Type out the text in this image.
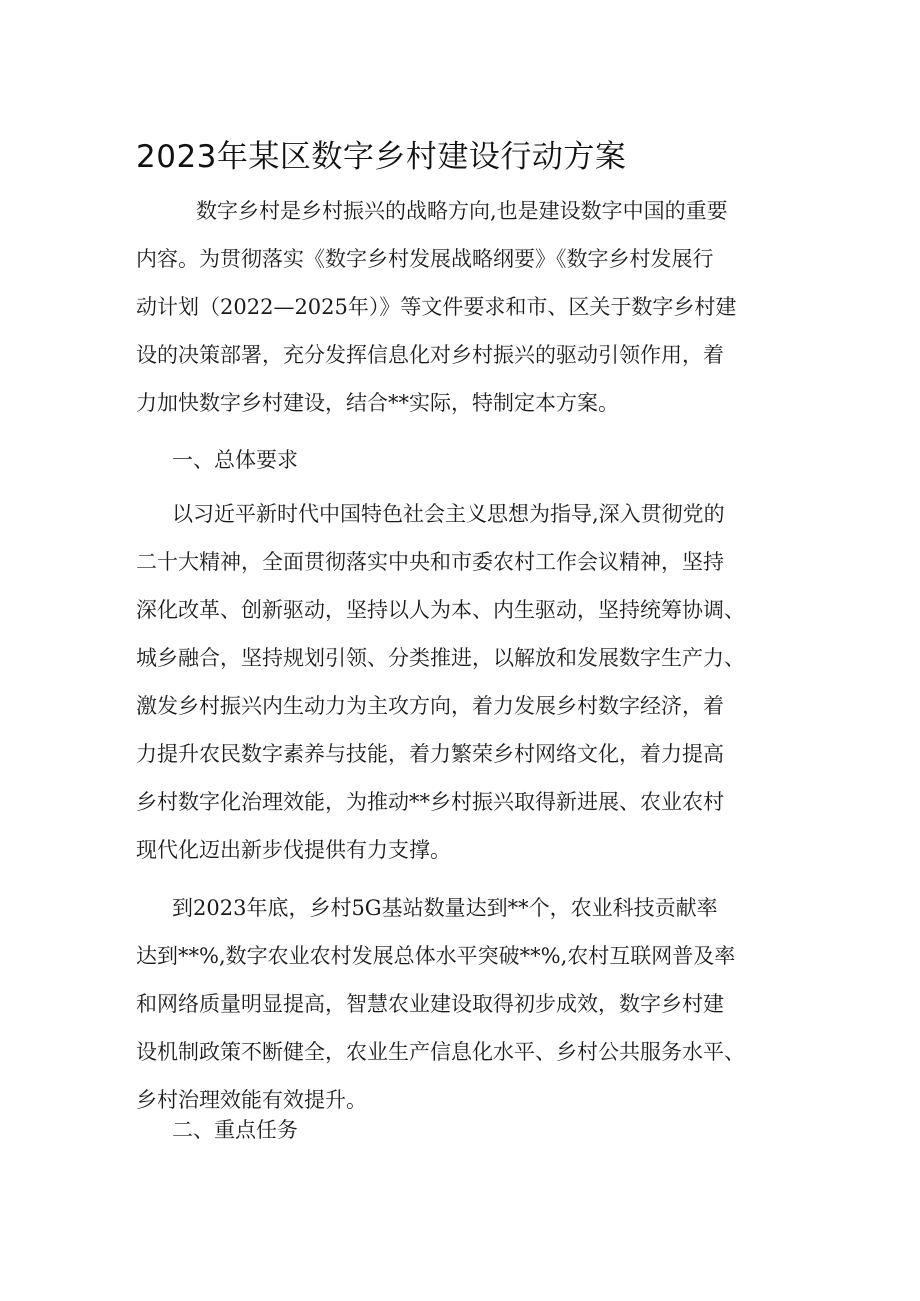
2023年某区数字乡村建设行动方案

数字乡村是乡村振兴的战略方向,也是建设数字中国的重要

内容。为贯彻落实《数字乡村发展战略纲要》《数字乡村发展行

动计划（2022—2025年）》等文件要求和市、区关于数字乡村建

设的决策部署，充分发挥信息化对乡村振兴的驱动引领作用，着

力加快数字乡村建设，结合**实际，特制定本方案。

一、总体要求

以习近平新时代中国特色社会主义思想为指导,深入贯彻党的

二十大精神，全面贯彻落实中央和市委农村工作会议精神，坚持

深化改革、创新驱动，坚持以人为本、内生驱动，坚持统筹协调、

城乡融合，坚持规划引领、分类推进，以解放和发展数字生产力、

激发乡村振兴内生动力为主攻方向，着力发展乡村数字经济，着

力提升农民数字素养与技能，着力繁荣乡村网络文化，着力提高

乡村数字化治理效能，为推动**乡村振兴取得新进展、农业农村

现代化迈出新步伐提供有力支撑。

到2023年底，乡村5G基站数量达到**个，农业科技贡献率

达到**%,数字农业农村发展总体水平突破**%,农村互联网普及率

和网络质量明显提高，智慧农业建设取得初步成效，数字乡村建

设机制政策不断健全，农业生产信息化水平、乡村公共服务水平、

乡村治理效能有效提升。

二、重点任务
